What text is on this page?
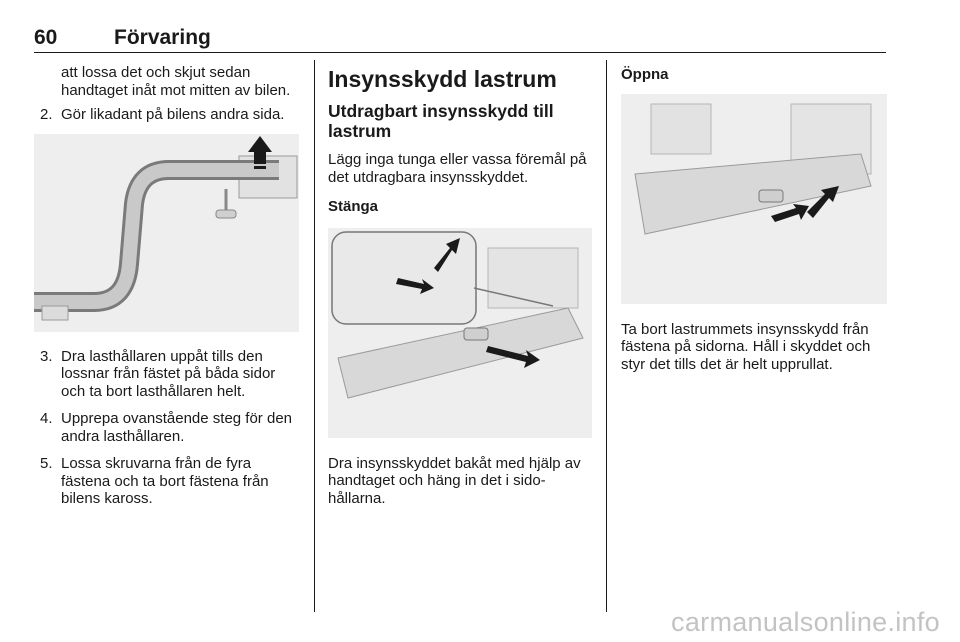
60	Förvaring

att lossa det och skjut sedan handtaget inåt mot mitten av bilen.

2. Gör likadant på bilens andra sida.
3. Dra lasthållaren uppåt tills den lossnar från fästet på båda sidor och ta bort lasthållaren helt.
4. Upprepa ovanstående steg för den andra lasthållaren.
5. Lossa skruvarna från de fyra fästena och ta bort fästena från bilens kaross.

Insynsskydd lastrum

Utdragbart insynsskydd till lastrum

Lägg inga tunga eller vassa föremål på det utdragbara insynsskyddet.

Stänga

Dra insynsskyddet bakåt med hjälp av handtaget och häng in det i sidohållarna.

Öppna

Ta bort lastrummets insynsskydd från fästena på sidorna. Håll i skyddet och styr det tills det är helt upprullat.

carmanualsonline.info
